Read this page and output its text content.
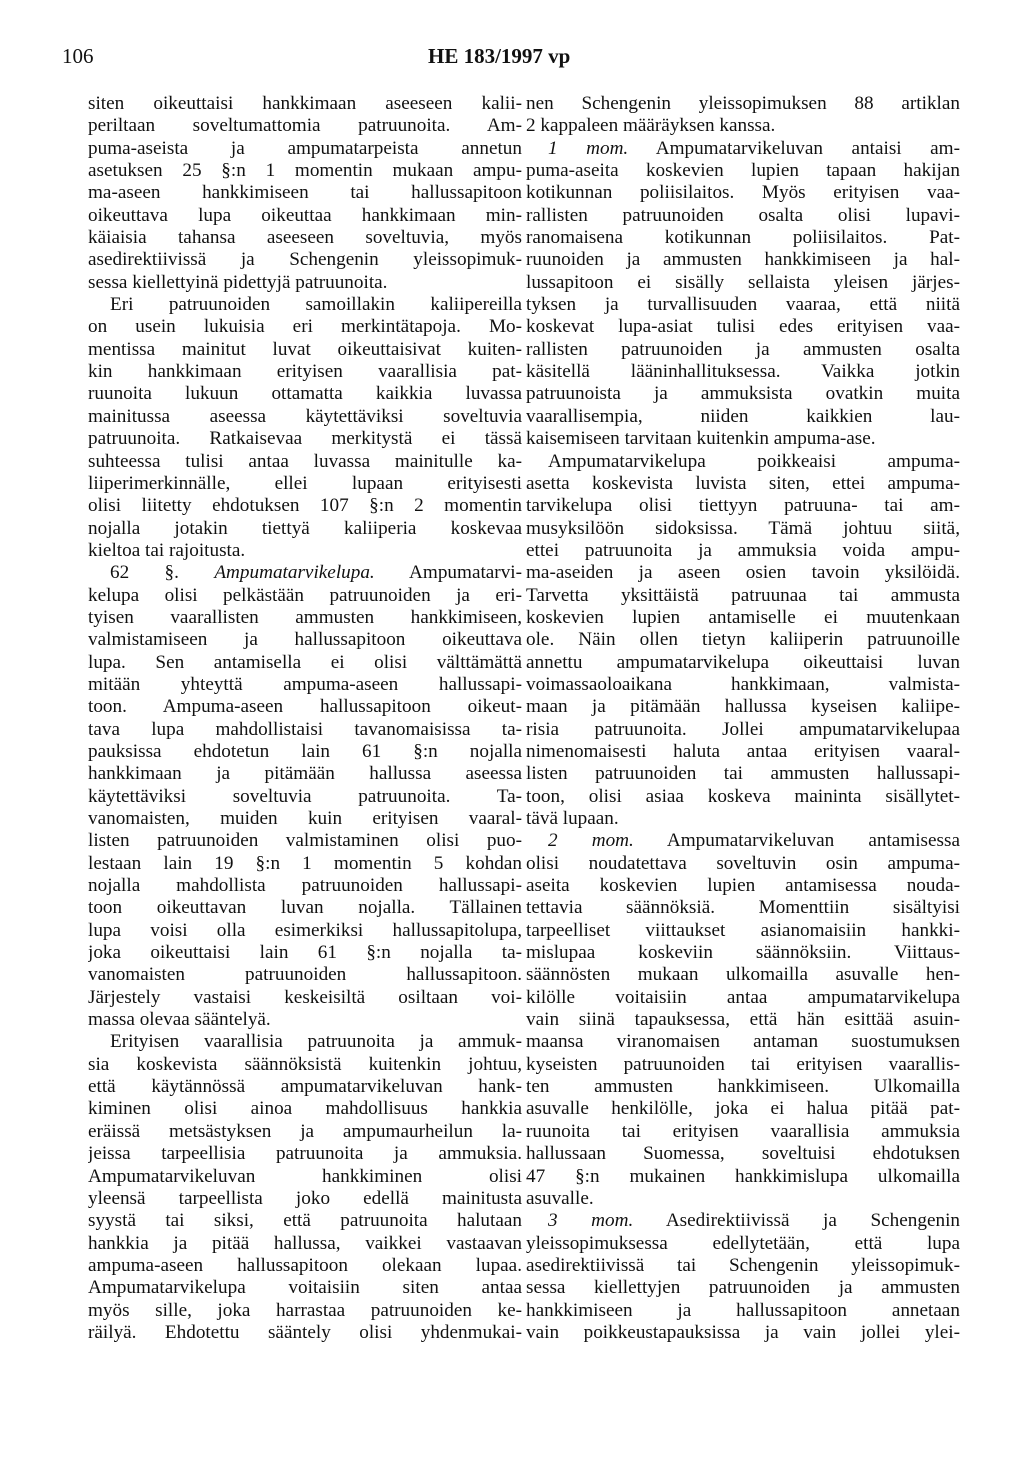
106	HE 183/1997 vp
siten oikeuttaisi hankkimaan aseeseen kalii-
periltaan soveltumattomia patruunoita. Am-
puma-aseista ja ampumatarpeista annetun
asetuksen 25 §:n 1 momentin mukaan ampu-
ma-aseen hankkimiseen tai hallussapitoon
oikeuttava lupa oikeuttaa hankkimaan min-
käiaisia tahansa aseeseen soveltuvia, myös
asedirektiivissä ja Schengenin yleissopimuk-
sessa kiellettyinä pidettyjä patruunoita.
Eri patruunoiden samoillakin kaliipereilla
on usein lukuisia eri merkintätapoja. Mo-
mentissa mainitut luvat oikeuttaisivat kuiten-
kin hankkimaan erityisen vaarallisia pat-
ruunoita lukuun ottamatta kaikkia luvassa
mainitussa aseessa käytettäviksi soveltuvia
patruunoita. Ratkaisevaa merkitystä ei tässä
suhteessa tulisi antaa luvassa mainitulle ka-
liiperimerkinnälle, ellei lupaan erityisesti
olisi liitetty ehdotuksen 107 §:n 2 momentin
nojalla jotakin tiettyä kaliiperia koskevaa
kieltoa tai rajoitusta.
62 §. Ampumatarvikelupa. Ampumatarvi-
kelupa olisi pelkästään patruunoiden ja eri-
tyisen vaarallisten ammusten hankkimiseen,
valmistamiseen ja hallussapitoon oikeuttava
lupa. Sen antamisella ei olisi välttämättä
mitään yhteyttä ampuma-aseen hallussapi-
toon. Ampuma-aseen hallussapitoon oikeut-
tava lupa mahdollistaisi tavanomaisissa ta-
pauksissa ehdotetun lain 61 §:n nojalla
hankkimaan ja pitämään hallussa aseessa
käytettäviksi soveltuvia patruunoita. Ta-
vanomaisten, muiden kuin erityisen vaaral-
listen patruunoiden valmistaminen olisi puo-
lestaan lain 19 §:n 1 momentin 5 kohdan
nojalla mahdollista patruunoiden hallussapi-
toon oikeuttavan luvan nojalla. Tällainen
lupa voisi olla esimerkiksi hallussapitolupa,
joka oikeuttaisi lain 61 §:n nojalla ta-
vanomaisten patruunoiden hallussapitoon.
Järjestely vastaisi keskeisiltä osiltaan voi-
massa olevaa sääntelyä.
Erityisen vaarallisia patruunoita ja ammuk-
sia koskevista säännöksistä kuitenkin johtuu,
että käytännössä ampumatarvikeluvan hank-
kiminen olisi ainoa mahdollisuus hankkia
eräissä metsästyksen ja ampumaurheilun la-
jeissa tarpeellisia patruunoita ja ammuksia.
Ampumatarvikeluvan hankkiminen olisi
yleensä tarpeellista joko edellä mainitusta
syystä tai siksi, että patruunoita halutaan
hankkia ja pitää hallussa, vaikkei vastaavan
ampuma-aseen hallussapitoon olekaan lupaa.
Ampumatarvikelupa voitaisiin siten antaa
myös sille, joka harrastaa patruunoiden ke-
räilyä. Ehdotettu sääntely olisi yhdenmukai-
nen Schengenin yleissopimuksen 88 artiklan
2 kappaleen määräyksen kanssa.
1 mom. Ampumatarvikeluvan antaisi am-
puma-aseita koskevien lupien tapaan hakijan
kotikunnan poliisilaitos. Myös erityisen vaa-
rallisten patruunoiden osalta olisi lupavi-
ranomaisena kotikunnan poliisilaitos. Pat-
ruunoiden ja ammusten hankkimiseen ja hal-
lussapitoon ei sisälly sellaista yleisen järjes-
tyksen ja turvallisuuden vaaraa, että niitä
koskevat lupa-asiat tulisi edes erityisen vaa-
rallisten patruunoiden ja ammusten osalta
käsitellä lääninhallituksessa. Vaikka jotkin
patruunoista ja ammuksista ovatkin muita
vaarallisempia, niiden kaikkien lau-
kaisemiseen tarvitaan kuitenkin ampuma-ase.
Ampumatarvikelupa poikkeaisi ampuma-
asetta koskevista luvista siten, ettei ampuma-
tarvikelupa olisi tiettyyn patruuna- tai am-
musyksilöön sidoksissa. Tämä johtuu siitä,
ettei patruunoita ja ammuksia voida ampu-
ma-aseiden ja aseen osien tavoin yksilöidä.
Tarvetta yksittäistä patruunaa tai ammusta
koskevien lupien antamiselle ei muutenkaan
ole. Näin ollen tietyn kaliiperin patruunoille
annettu ampumatarvikelupa oikeuttaisi luvan
voimassaoloaikana hankkimaan, valmista-
maan ja pitämään hallussa kyseisen kaliipe-
risia patruunoita. Jollei ampumatarvikelupaa
nimenomaisesti haluta antaa erityisen vaaral-
listen patruunoiden tai ammusten hallussapi-
toon, olisi asiaa koskeva maininta sisällytet-
tävä lupaan.
2 mom. Ampumatarvikeluvan antamisessa
olisi noudatettava soveltuvin osin ampuma-
aseita koskevien lupien antamisessa nouda-
tettavia säännöksiä. Momenttiin sisältyisi
tarpeelliset viittaukset asianomaisiin hankki-
mislupaa koskeviin säännöksiin. Viittaus-
säännösten mukaan ulkomailla asuvalle hen-
kilölle voitaisiin antaa ampumatarvikelupa
vain siinä tapauksessa, että hän esittää asuin-
maansa viranomaisen antaman suostumuksen
kyseisten patruunoiden tai erityisen vaarallis-
ten ammusten hankkimiseen. Ulkomailla
asuvalle henkilölle, joka ei halua pitää pat-
ruunoita tai erityisen vaarallisia ammuksia
hallussaan Suomessa, soveltuisi ehdotuksen
47 §:n mukainen hankkimislupa ulkomailla
asuvalle.
3 mom. Asedirektiivissä ja Schengenin
yleissopimuksessa edellytetään, että lupa
asedirektiivissä tai Schengenin yleissopimuk-
sessa kiellettyjen patruunoiden ja ammusten
hankkimiseen ja hallussapitoon annetaan
vain poikkeustapauksissa ja vain jollei ylei-
